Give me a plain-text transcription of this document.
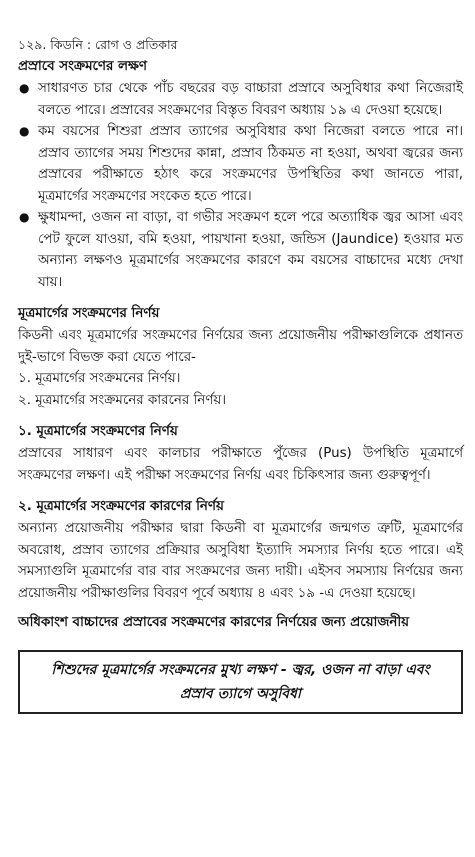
১২৯. কিডনি : রোগ ও প্রতিকার
প্রস্রাবে সংক্রমণের লক্ষণ
● সাধারণত চার থেকে পাঁচ বছরের বড় বাচ্চারা প্রস্রাবে অসুবিধার কথা নিজেরাই বলতে পারে। প্রস্রাবের সংক্রমণের বিস্তৃত বিবরণ অধ্যায় ১৯ এ দেওয়া হয়েছে।
● কম বয়সের শিশুরা প্রস্রাব ত্যাগের অসুবিধার কথা নিজেরা বলতে পারে না। প্রস্রাব ত্যাগের সময় শিশুদের কান্না, প্রস্রাব ঠিকমত না হওয়া, অথবা জ্বরের জন্য প্রস্রাবের পরীক্ষাতে হঠাৎ করে সংক্রমণের উপস্থিতির কথা জানতে পারা, মূত্রমার্গের সংক্রমণের সংকেত হতে পারে।
● ক্ষুধামন্দা, ওজন না বাড়া, বা গভীর সংক্রমণ হলে পরে অত্যাধিক জ্বর আসা এবং পেট ফুলে যাওয়া, বমি হওয়া, পায়খানা হওয়া, জন্ডিস (Jaundice) হওয়ার মত অন্যান্য লক্ষণও মূত্রমার্গের সংক্রমণের কারণে কম বয়সের বাচ্চাদের মধ্যে দেখা যায়।
মূত্রমার্গের সংক্রমণের নির্ণয়
কিডনী এবং মূত্রমার্গের সংক্রমণের নির্ণয়ের জন্য প্রয়োজনীয় পরীক্ষাগুলিকে প্রধানত দুই-ভাগে বিভক্ত করা যেতে পারে-
১. মূত্রমার্গের সংক্রমনের নির্ণয়।
২. মূত্রমার্গের সংক্রমনের কারনের নির্ণয়।
১. মূত্রমার্গের সংক্রমণের নির্ণয়
প্রস্রাবের সাধারণ এবং কালচার পরীক্ষাতে পুঁজের (Pus) উপস্থিতি মূত্রমার্গে সংক্রমণের লক্ষণ। এই পরীক্ষা সংক্রমণের নির্ণয় এবং চিকিৎসার জন্য গুরুত্বপূর্ণ।
২. মূত্রমার্গের সংক্রমণের কারণের নির্ণয়
অন্যান্য প্রয়োজনীয় পরীক্ষার দ্বারা কিডনী বা মূত্রমার্গের জন্মগত ত্রুটি, মূত্রমার্গের অবরোধ, প্রস্রাব ত্যাগের প্রক্রিয়ার অসুবিধা ইত্যাদি সমস্যার নির্ণয় হতে পারে। এই সমস্যাগুলি মূত্রমার্গের বার বার সংক্রমণের জন্য দায়ী। এইসব সমস্যায় নির্ণয়ের জন্য প্রয়োজনীয় পরীক্ষাগুলির বিবরণ পূর্বে অধ্যায় ৪ এবং ১৯ -এ দেওয়া হয়েছে।
অধিকাংশ বাচ্চাদের প্রস্রাবের সংক্রমণের কারণের নির্ণয়ের জন্য প্রয়োজনীয়
শিশুদের মূত্রমার্গের সংক্রমনের মুখ্য লক্ষণ - জ্বর, ওজন না বাড়া এবং প্রস্রাব ত্যাগে অসুবিধা
